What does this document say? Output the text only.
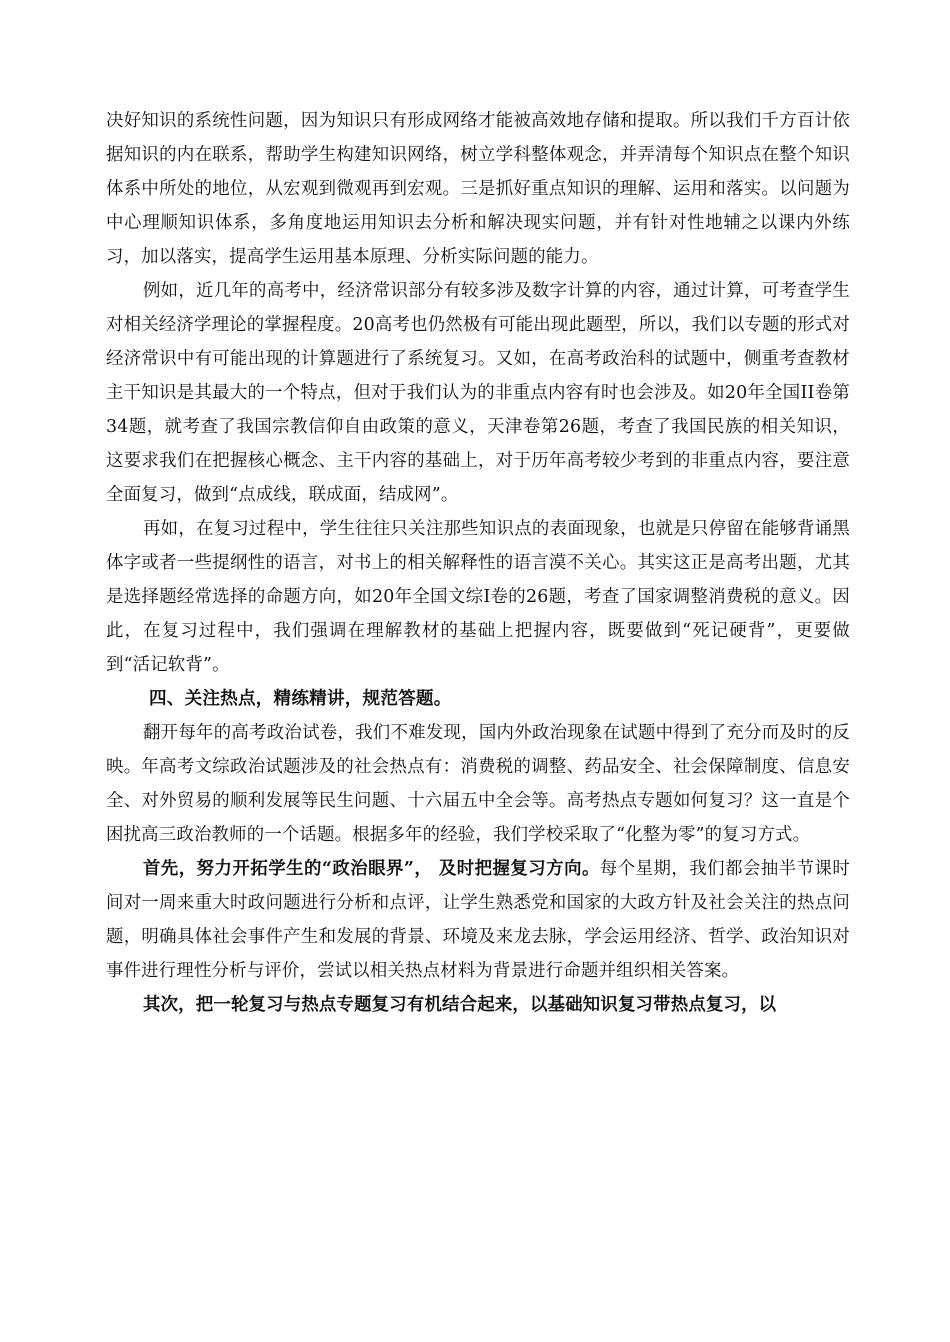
决好知识的系统性问题，因为知识只有形成网络才能被高效地存储和提取。所以我们千方百计依据知识的内在联系，帮助学生构建知识网络，树立学科整体观念，并弄清每个知识点在整个知识体系中所处的地位，从宏观到微观再到宏观。三是抓好重点知识的理解、运用和落实。以问题为中心理顺知识体系，多角度地运用知识去分析和解决现实问题，并有针对性地辅之以课内外练习，加以落实，提高学生运用基本原理、分析实际问题的能力。

例如，近几年的高考中，经济常识部分有较多涉及数字计算的内容，通过计算，可考查学生对相关经济学理论的掌握程度。20高考也仍然极有可能出现此题型，所以，我们以专题的形式对经济常识中有可能出现的计算题进行了系统复习。又如，在高考政治科的试题中，侧重考查教材主干知识是其最大的一个特点，但对于我们认为的非重点内容有时也会涉及。如20年全国II卷第34题，就考查了我国宗教信仰自由政策的意义，天津卷第26题，考查了我国民族的相关知识，这要求我们在把握核心概念、主干内容的基础上，对于历年高考较少考到的非重点内容，要注意全面复习，做到“点成线，联成面，结成网”。

再如，在复习过程中，学生往往只关注那些知识点的表面现象，也就是只停留在能够背诵黑体字或者一些提纲性的语言，对书上的相关解释性的语言漠不关心。其实这正是高考出题，尤其是选择题经常选择的命题方向，如20年全国文综Ⅰ卷的26题，考查了国家调整消费税的意义。因此，在复习过程中，我们强调在理解教材的基础上把握内容，既要做到“死记硬背”，更要做到“活记软背”。

四、关注热点，精练精讲，规范答题。

翻开每年的高考政治试卷，我们不难发现，国内外政治现象在试题中得到了充分而及时的反映。年高考文综政治试题涉及的社会热点有：消费税的调整、药品安全、社会保障制度、信息安全、对外贸易的顺利发展等民生问题、十六届五中全会等。高考热点专题如何复习？这一直是个困扰高三政治教师的一个话题。根据多年的经验，我们学校采取了“化整为零”的复习方式。

首先，努力开拓学生的“政治眼界”， 及时把握复习方向。每个星期，我们都会抽半节课时间对一周来重大时政问题进行分析和点评，让学生熟悉党和国家的大政方针及社会关注的热点问题，明确具体社会事件产生和发展的背景、环境及来龙去脉，学会运用经济、哲学、政治知识对事件进行理性分析与评价，尝试以相关热点材料为背景进行命题并组织相关答案。

其次，把一轮复习与热点专题复习有机结合起来，以基础知识复习带热点复习，以
